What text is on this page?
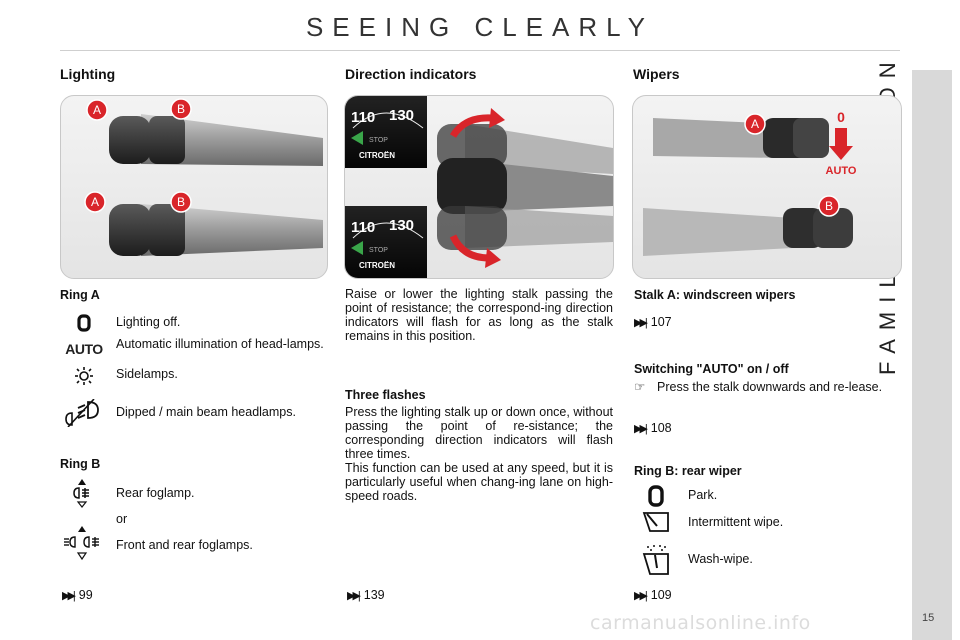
SEEING CLEARLY
15
Lighting
A	B
A	B
Ring A
Lighting off.
AUTO Automatic illumination of head-lamps.
Sidelamps.
Dipped / main beam headlamps.
Ring B
Rear foglamp.
or
Front and rear foglamps.
▶▶| 99
Direction indicators
110 130
STOP
CITROËN
110 130
STOP
CITROËN
Raise or lower the lighting stalk passing the point of resistance; the correspond-ing direction indicators will flash for as long as the stalk remains in this position.
Three flashes
Press the lighting stalk up or down once, without passing the point of re-sistance; the corresponding direction indicators will flash three times.
This function can be used at any speed, but it is particularly useful when chang-ing lane on high-speed roads.
▶▶| 139
Wipers
0
AUTO
A
B
Stalk A: windscreen wipers
▶▶| 107
Switching "AUTO" on / off
☞ Press the stalk downwards and re-lease.
▶▶| 108
Ring B: rear wiper
Park.
Intermittent wipe.
Wash-wipe.
▶▶| 109
carmanualsonline.info
